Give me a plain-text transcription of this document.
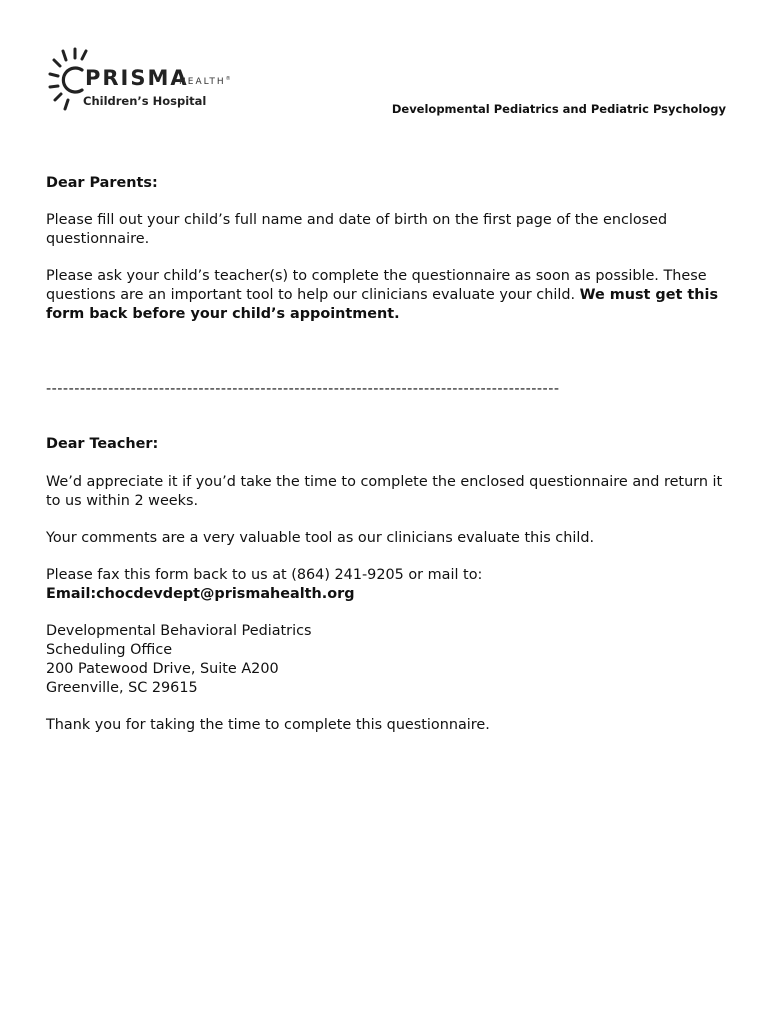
PRISMA
HEALTH®
Children’s Hospital
Developmental Pediatrics and Pediatric Psychology

Dear Parents:

Please fill out your child’s full name and date of birth on the first page of the enclosed questionnaire.

Please ask your child’s teacher(s) to complete the questionnaire as soon as possible. These questions are an important tool to help our clinicians evaluate your child. We must get this form back before your child’s appointment.

-------------------------------------------------------------------------------------------

Dear Teacher:

We’d appreciate it if you’d take the time to complete the enclosed questionnaire and return it to us within 2 weeks.

Your comments are a very valuable tool as our clinicians evaluate this child.

Please fax this form back to us at (864) 241-9205 or mail to:

Email:chocdevdept@prismahealth.org

Developmental Behavioral Pediatrics

Scheduling Office

200 Patewood Drive, Suite A200

Greenville, SC 29615

Thank you for taking the time to complete this questionnaire.
